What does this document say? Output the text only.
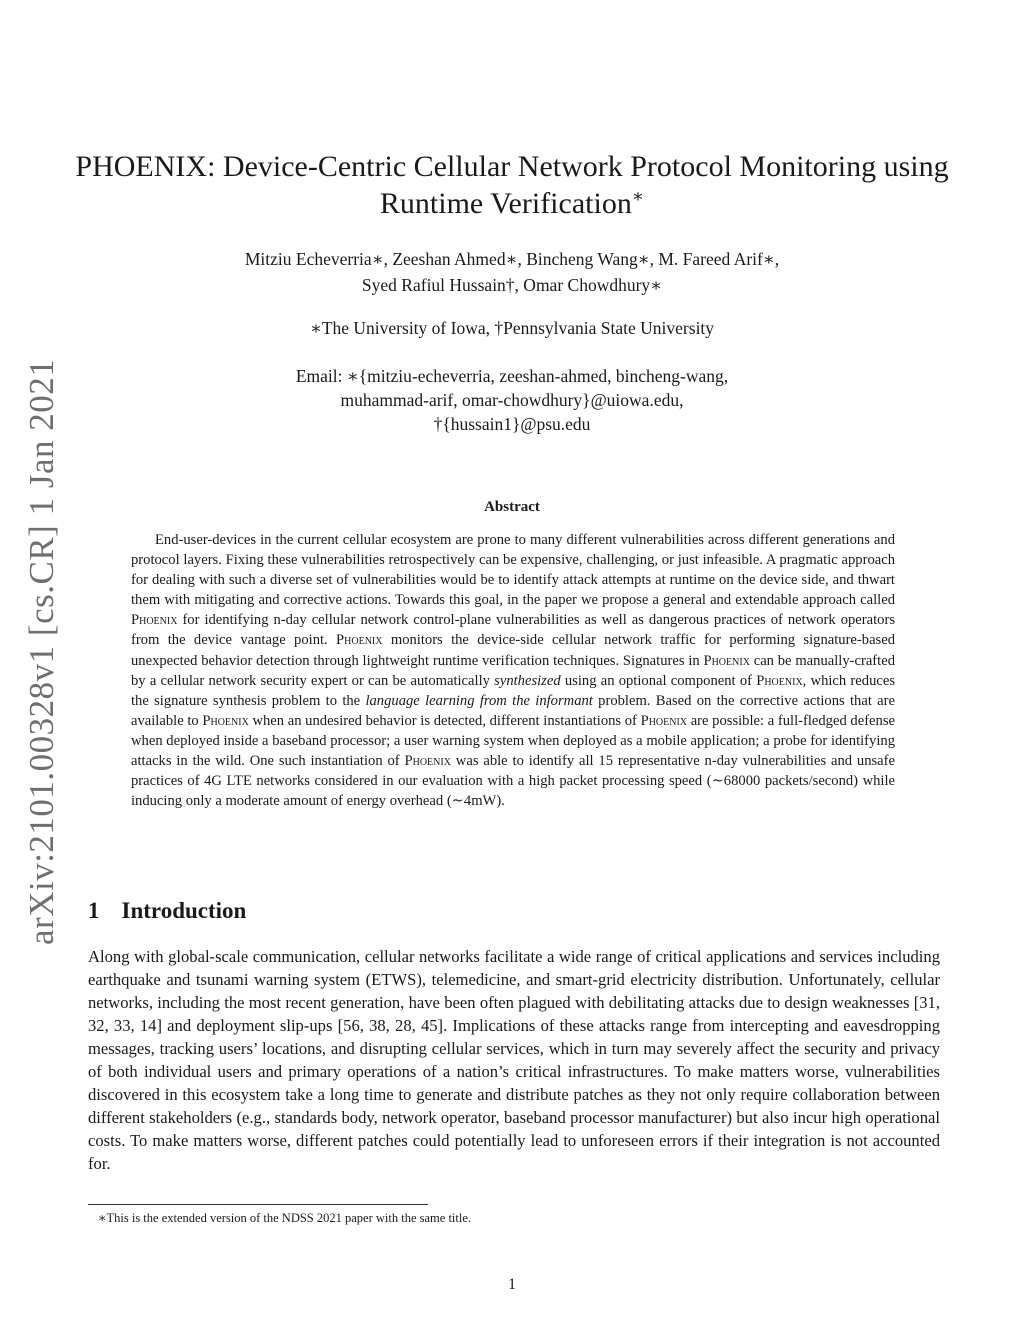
arXiv:2101.00328v1 [cs.CR] 1 Jan 2021
PHOENIX: Device-Centric Cellular Network Protocol Monitoring using
Runtime Verification∗
Mitziu Echeverria∗, Zeeshan Ahmed∗, Bincheng Wang∗, M. Fareed Arif∗,
Syed Rafiul Hussain†, Omar Chowdhury∗
∗The University of Iowa, †Pennsylvania State University
Email: ∗{mitziu-echeverria, zeeshan-ahmed, bincheng-wang,
muhammad-arif, omar-chowdhury}@uiowa.edu,
†{hussain1}@psu.edu
Abstract

End-user-devices in the current cellular ecosystem are prone to many different vulnerabilities across different generations and protocol layers. Fixing these vulnerabilities retrospectively can be expensive, challenging, or just infeasible. A pragmatic approach for dealing with such a diverse set of vulnerabilities would be to identify attack attempts at runtime on the device side, and thwart them with mitigating and corrective actions. Towards this goal, in the paper we propose a general and extendable approach called Phoenix for identifying n-day cellular network control-plane vulnerabilities as well as dangerous practices of network operators from the device vantage point. Phoenix monitors the device-side cellular network traffic for performing signature-based unexpected behavior detection through lightweight runtime verification techniques. Signatures in Phoenix can be manually-crafted by a cellular network security expert or can be automatically synthesized using an optional component of Phoenix, which reduces the signature synthesis problem to the language learning from the informant problem. Based on the corrective actions that are available to Phoenix when an undesired behavior is detected, different instantiations of Phoenix are possible: a full-fledged defense when deployed inside a baseband processor; a user warning system when deployed as a mobile application; a probe for identifying attacks in the wild. One such instantiation of Phoenix was able to identify all 15 representative n-day vulnerabilities and unsafe practices of 4G LTE networks considered in our evaluation with a high packet processing speed (∼68000 packets/second) while inducing only a moderate amount of energy overhead (∼4mW).

1 Introduction

Along with global-scale communication, cellular networks facilitate a wide range of critical applications and services including earthquake and tsunami warning system (ETWS), telemedicine, and smart-grid electricity distribution. Unfortunately, cellular networks, including the most recent generation, have been often plagued with debilitating attacks due to design weaknesses [31, 32, 33, 14] and deployment slip-ups [56, 38, 28, 45]. Implications of these attacks range from intercepting and eavesdropping messages, tracking users’ locations, and disrupting cellular services, which in turn may severely affect the security and privacy of both individual users and primary operations of a nation’s critical infrastructures. To make matters worse, vulnerabilities discovered in this ecosystem take a long time to generate and distribute patches as they not only require collaboration between different stakeholders (e.g., standards body, network operator, baseband processor manufacturer) but also incur high operational costs. To make matters worse, different patches could potentially lead to unforeseen errors if their integration is not accounted for.

∗This is the extended version of the NDSS 2021 paper with the same title.
1
